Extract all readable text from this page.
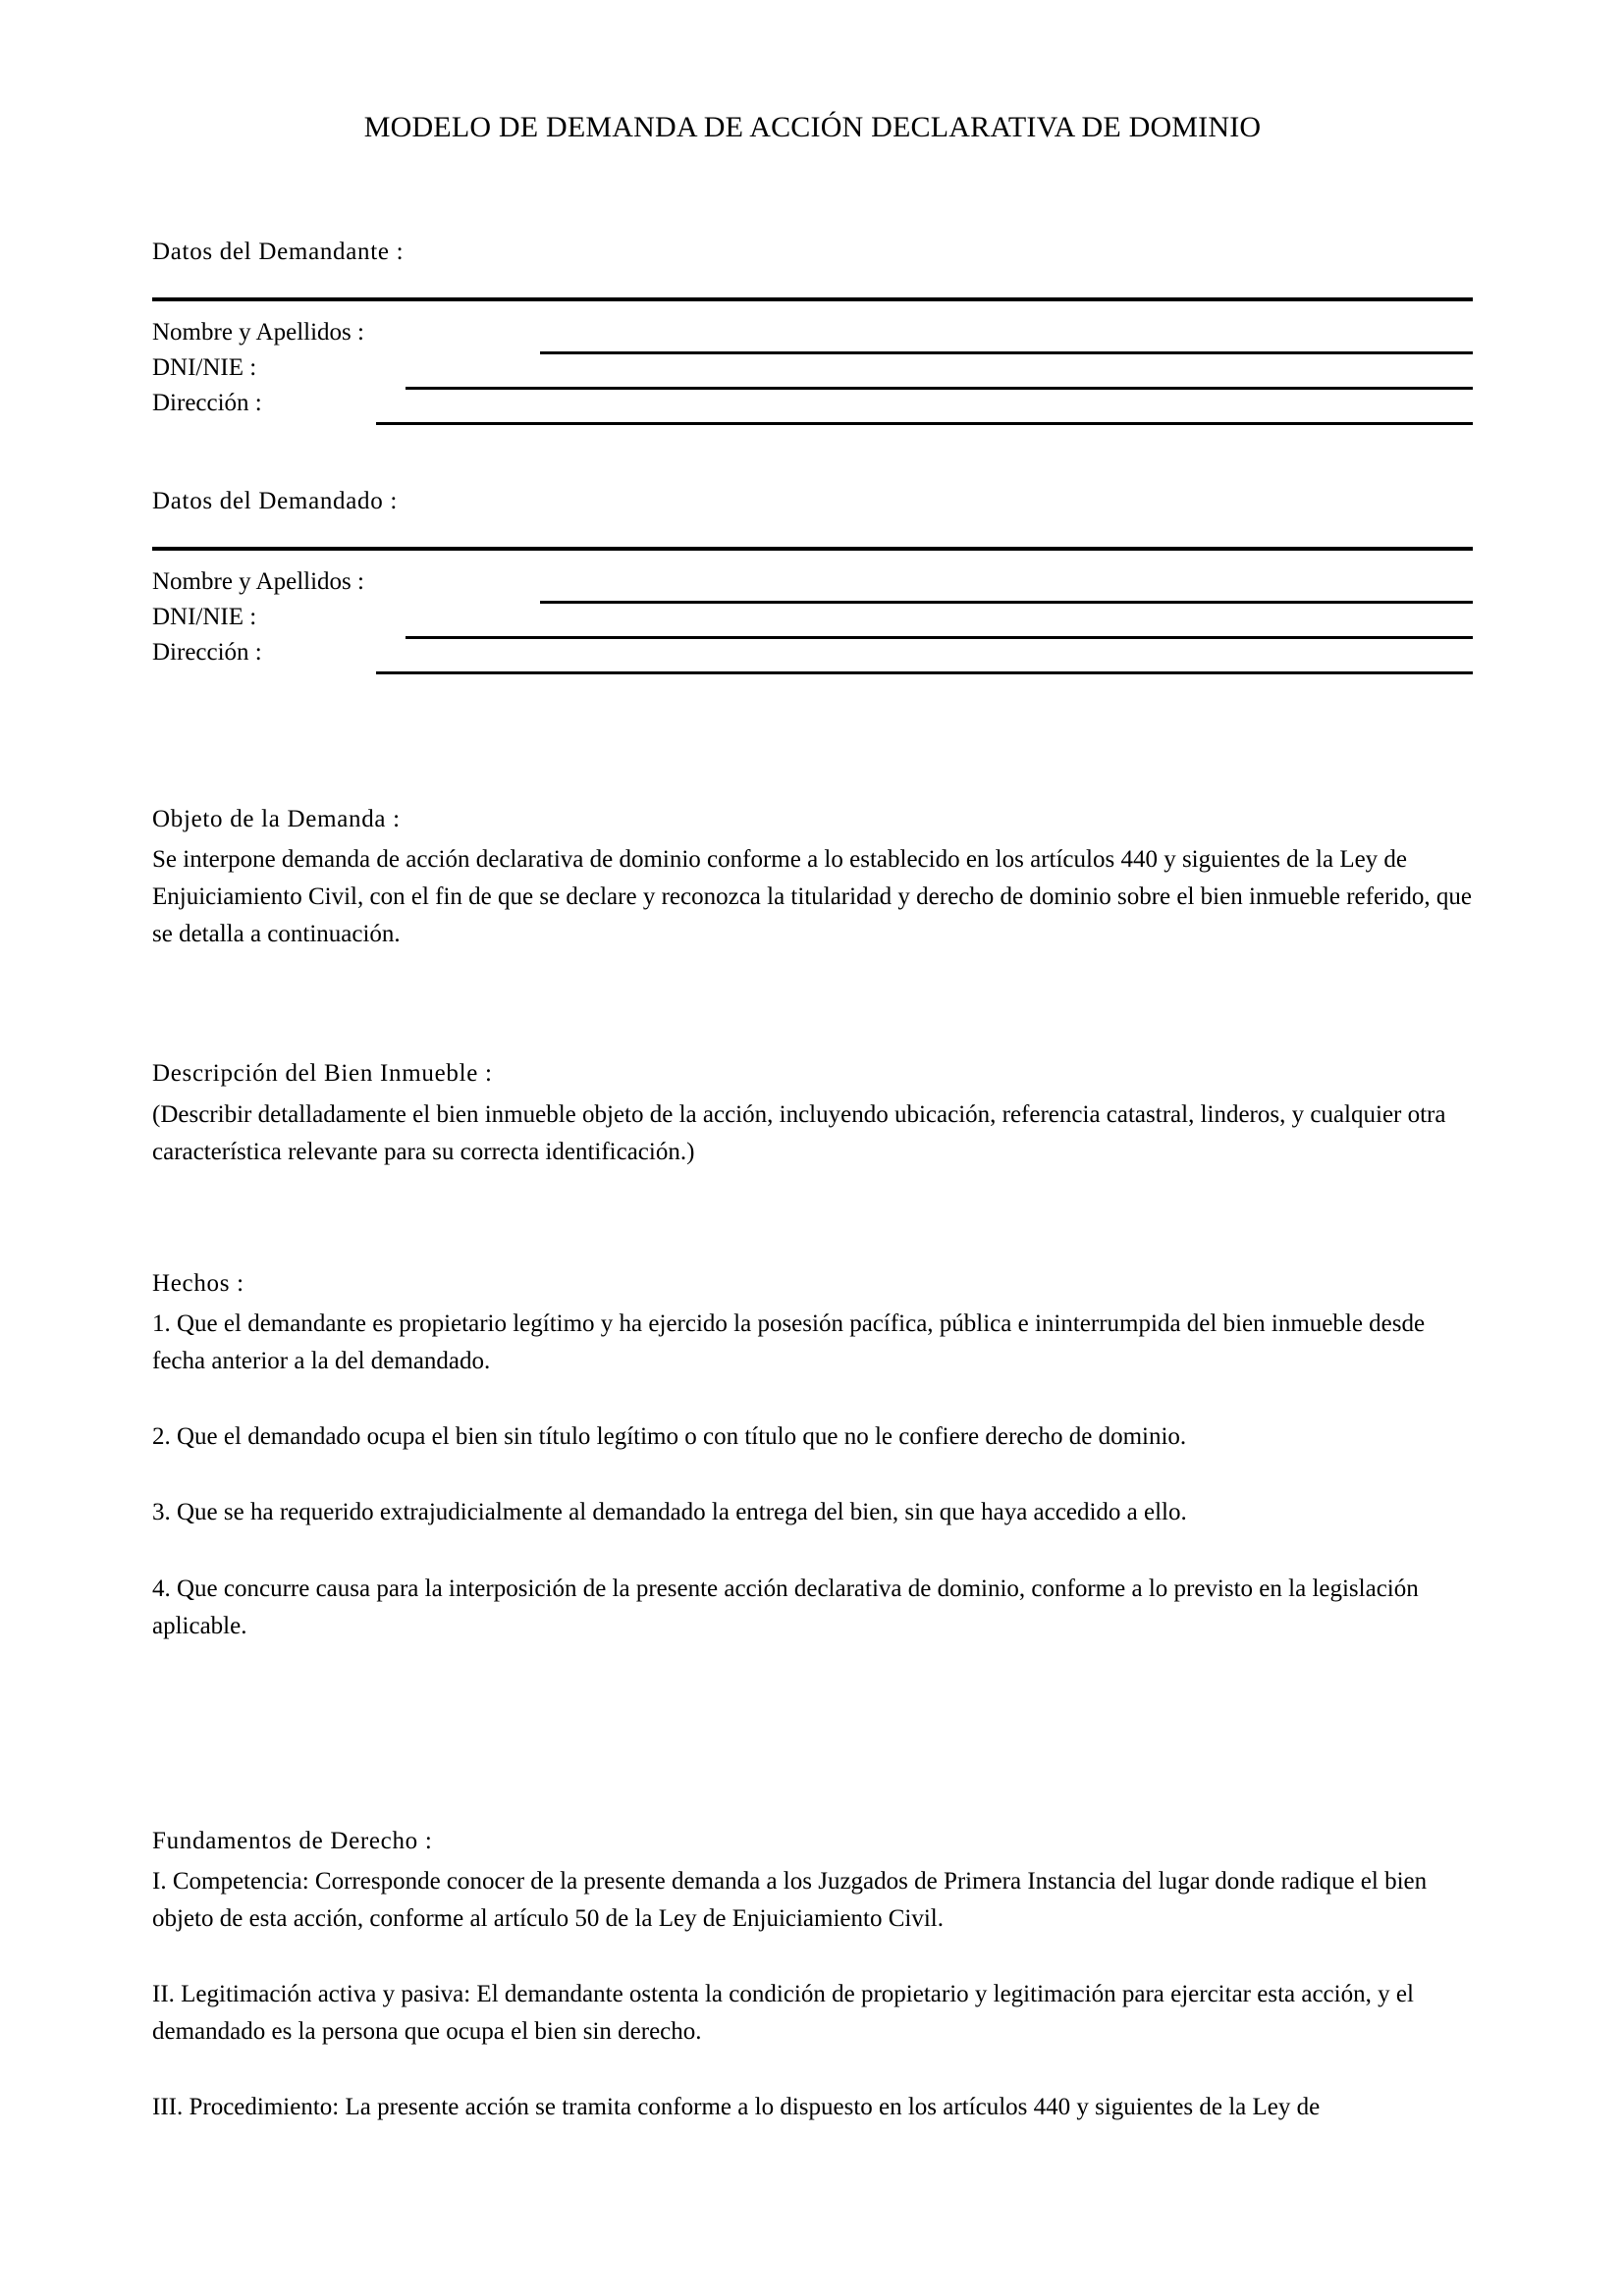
MODELO DE DEMANDA DE ACCIÓN DECLARATIVA DE DOMINIO
Datos del Demandante :
Nombre y Apellidos :
DNI/NIE :
Dirección :
Datos del Demandado :
Nombre y Apellidos :
DNI/NIE :
Dirección :
Objeto de la Demanda :
Se interpone demanda de acción declarativa de dominio conforme a lo establecido en los artículos 440 y siguientes de la Ley de Enjuiciamiento Civil, con el fin de que se declare y reconozca la titularidad y derecho de dominio sobre el bien inmueble referido, que se detalla a continuación.
Descripción del Bien Inmueble :
(Describir detalladamente el bien inmueble objeto de la acción, incluyendo ubicación, referencia catastral, linderos, y cualquier otra característica relevante para su correcta identificación.)
Hechos :
1. Que el demandante es propietario legítimo y ha ejercido la posesión pacífica, pública e ininterrumpida del bien inmueble desde fecha anterior a la del demandado.
2. Que el demandado ocupa el bien sin título legítimo o con título que no le confiere derecho de dominio.
3. Que se ha requerido extrajudicialmente al demandado la entrega del bien, sin que haya accedido a ello.
4. Que concurre causa para la interposición de la presente acción declarativa de dominio, conforme a lo previsto en la legislación aplicable.
Fundamentos de Derecho :
I. Competencia: Corresponde conocer de la presente demanda a los Juzgados de Primera Instancia del lugar donde radique el bien objeto de esta acción, conforme al artículo 50 de la Ley de Enjuiciamiento Civil.
II. Legitimación activa y pasiva: El demandante ostenta la condición de propietario y legitimación para ejercitar esta acción, y el demandado es la persona que ocupa el bien sin derecho.
III. Procedimiento: La presente acción se tramita conforme a lo dispuesto en los artículos 440 y siguientes de la Ley de
